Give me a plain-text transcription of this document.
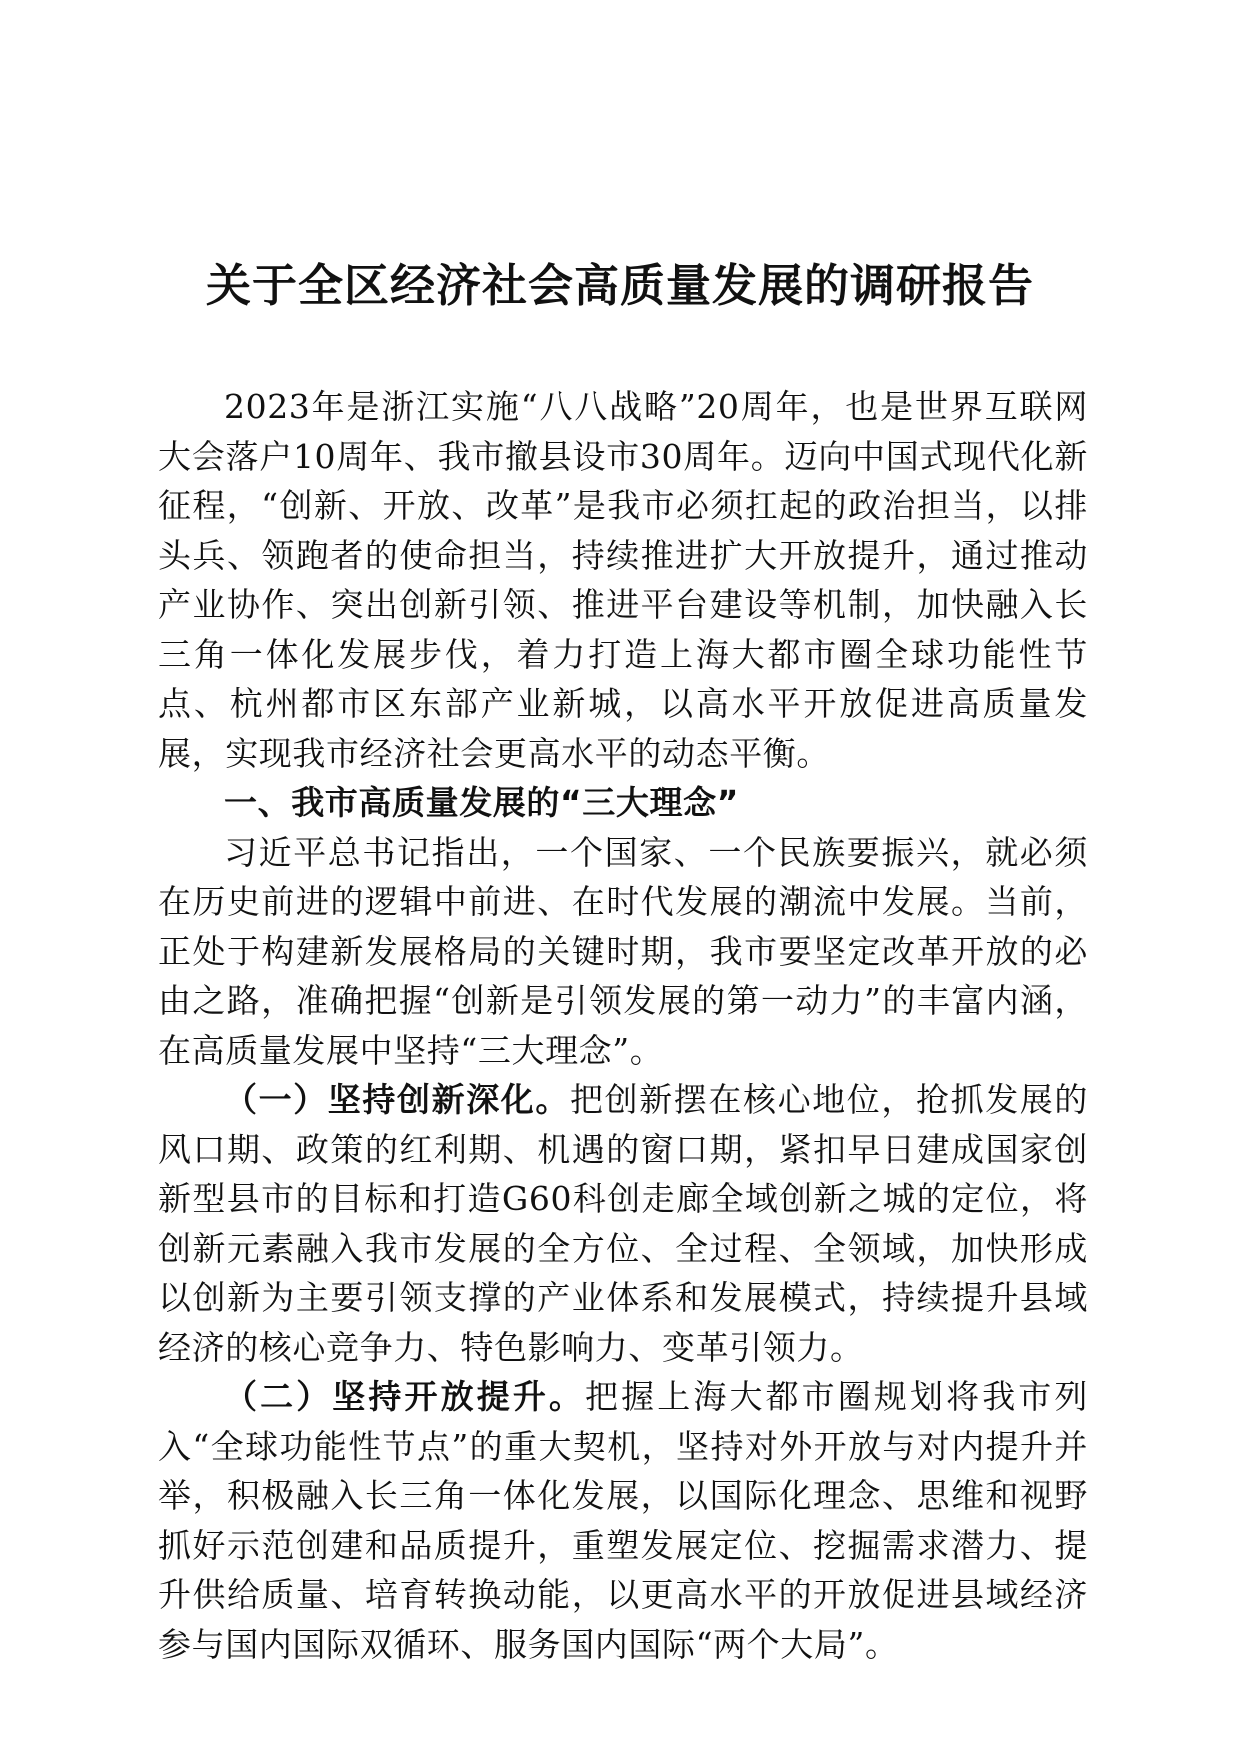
关于全区经济社会高质量发展的调研报告

2023年是浙江实施“八八战略”20周年，也是世界互联网大会落户10周年、我市撤县设市30周年。迈向中国式现代化新征程，“创新、开放、改革”是我市必须扛起的政治担当，以排头兵、领跑者的使命担当，持续推进扩大开放提升，通过推动产业协作、突出创新引领、推进平台建设等机制，加快融入长三角一体化发展步伐，着力打造上海大都市圈全球功能性节点、杭州都市区东部产业新城，以高水平开放促进高质量发展，实现我市经济社会更高水平的动态平衡。

一、我市高质量发展的“三大理念”

习近平总书记指出，一个国家、一个民族要振兴，就必须在历史前进的逻辑中前进、在时代发展的潮流中发展。当前，正处于构建新发展格局的关键时期，我市要坚定改革开放的必由之路，准确把握“创新是引领发展的第一动力”的丰富内涵，在高质量发展中坚持“三大理念”。

（一）坚持创新深化。把创新摆在核心地位，抢抓发展的风口期、政策的红利期、机遇的窗口期，紧扣早日建成国家创新型县市的目标和打造G60科创走廊全域创新之城的定位，将创新元素融入我市发展的全方位、全过程、全领域，加快形成以创新为主要引领支撑的产业体系和发展模式，持续提升县域经济的核心竞争力、特色影响力、变革引领力。

（二）坚持开放提升。把握上海大都市圈规划将我市列入“全球功能性节点”的重大契机，坚持对外开放与对内提升并举，积极融入长三角一体化发展，以国际化理念、思维和视野抓好示范创建和品质提升，重塑发展定位、挖掘需求潜力、提升供给质量、培育转换动能，以更高水平的开放促进县域经济参与国内国际双循环、服务国内国际“两个大局”。
